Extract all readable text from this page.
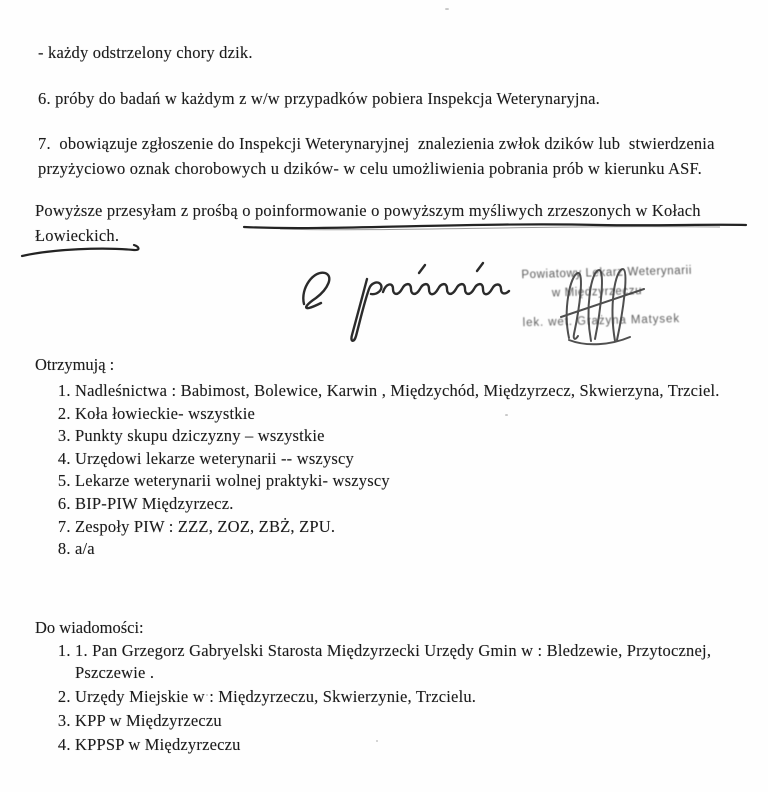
- każdy odstrzelony chory dzik.
6. próby do badań w każdym z w/w przypadków pobiera Inspekcja Weterynaryjna.
7.  obowiązuje zgłoszenie do Inspekcji Weterynaryjnej  znalezienia zwłok dzików lub  stwierdzenia przyżyciowo oznak chorobowych u dzików- w celu umożliwienia pobrania prób w kierunku ASF.
Powyższe przesyłam z prośbą o poinformowanie o powyższym myśliwych zrzeszonych w Kołach Łowieckich.
Powiatowy Lekarz Weterynarii
w Międzyrzeczu
lek. wet. Grażyna Matysek
Otrzymują :
1. Nadleśnictwa : Babimost, Bolewice, Karwin , Międzychód, Międzyrzecz, Skwierzyna, Trzciel.
2. Koła łowieckie- wszystkie
3. Punkty skupu dziczyzny – wszystkie
4. Urzędowi lekarze weterynarii -- wszyscy
5. Lekarze weterynarii wolnej praktyki- wszyscy
6. BIP-PIW Międzyrzecz.
7. Zespoły PIW : ZZZ, ZOZ, ZBŻ, ZPU.
8. a/a
Do wiadomości:
1. 1. Pan Grzegorz Gabryelski Starosta Międzyrzecki Urzędy Gmin w : Bledzewie, Przytocznej, Pszczewie .
2. Urzędy Miejskie w : Międzyrzeczu, Skwierzynie, Trzcielu.
3. KPP w Międzyrzeczu
4. KPPSP w Międzyrzeczu
